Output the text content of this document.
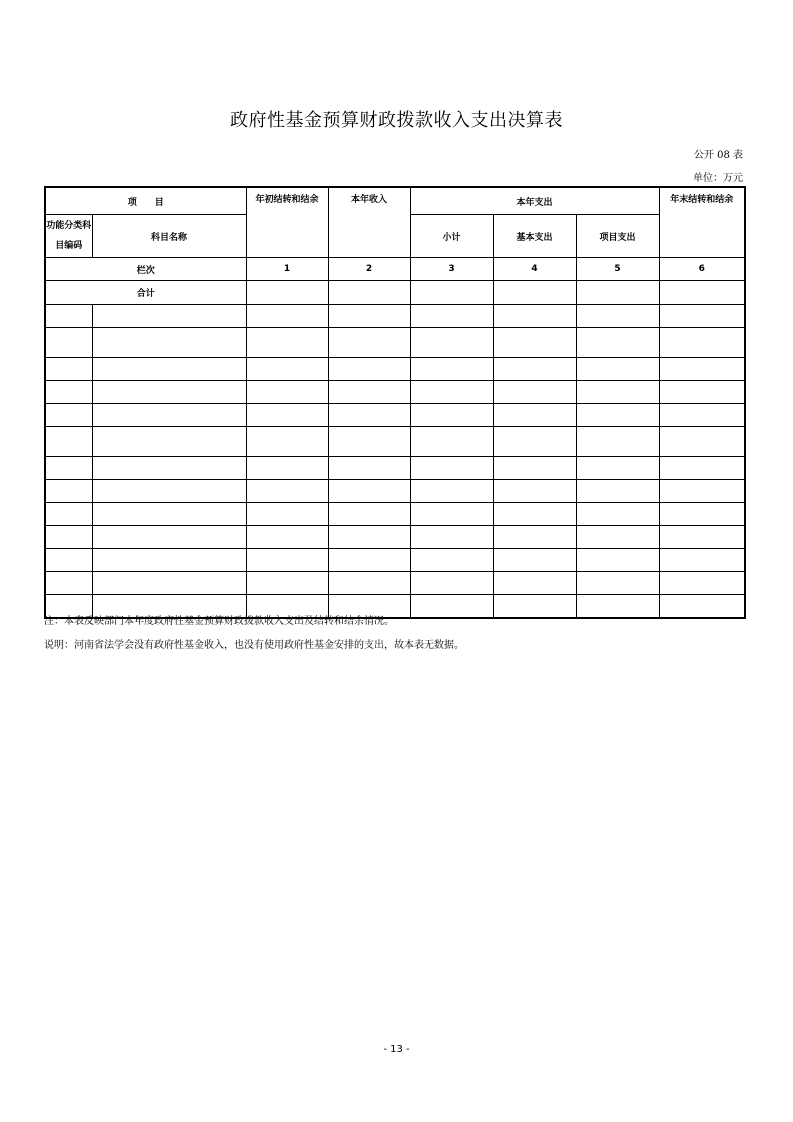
政府性基金预算财政拨款收入支出决算表
公开 08 表
单位：万元
项　　目		年初结转和结余	本年收入	本年支出			年末结转和结余
功能分类科目编码	科目名称			小计	基本支出	项目支出	
栏次		1	2	3	4	5	6
合计							

注：本表反映部门本年度政府性基金预算财政拨款收入支出及结转和结余情况。
说明：河南省法学会没有政府性基金收入，也没有使用政府性基金安排的支出，故本表无数据。
- 13 -
